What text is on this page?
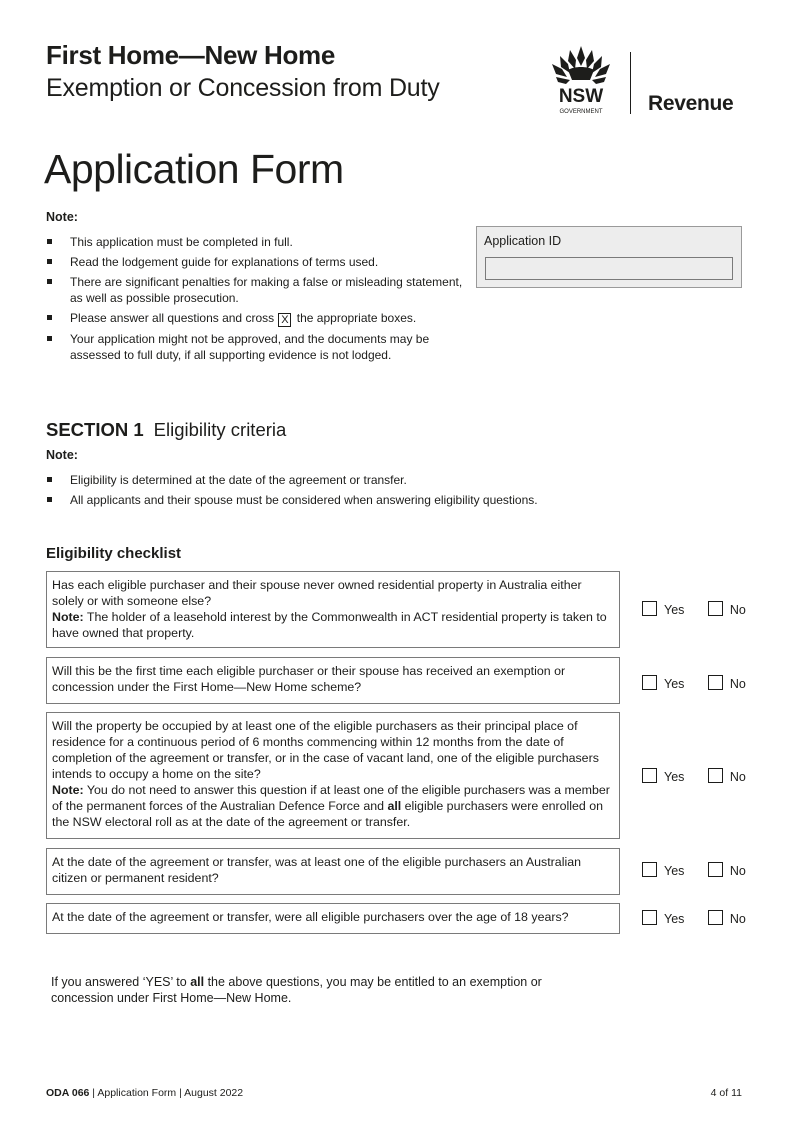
First Home—New Home
Exemption or Concession from Duty	NSW
GOVERNMENT Revenue
Application Form
Note:
This application must be completed in full.
Read the lodgement guide for explanations of terms used.
There are significant penalties for making a false or misleading statement, as well as possible prosecution.
Please answer all questions and cross X the appropriate boxes.
Your application might not be approved, and the documents may be assessed to full duty, if all supporting evidence is not lodged.
Application ID
SECTION 1 Eligibility criteria
Note:
Eligibility is determined at the date of the agreement or transfer.
All applicants and their spouse must be considered when answering eligibility questions.
Eligibility checklist
Has each eligible purchaser and their spouse never owned residential property in Australia either solely or with someone else?
Note: The holder of a leasehold interest by the Commonwealth in ACT residential property is taken to have owned that property.
Yes	No
Will this be the first time each eligible purchaser or their spouse has received an exemption or concession under the First Home—New Home scheme?	Yes	No
Will the property be occupied by at least one of the eligible purchasers as their principal place of residence for a continuous period of 6 months commencing within 12 months from the date of completion of the agreement or transfer, or in the case of vacant land, one of the eligible purchasers intends to occupy a home on the site?
Note: You do not need to answer this question if at least one of the eligible purchasers was a member of the permanent forces of the Australian Defence Force and all eligible purchasers were enrolled on the NSW electoral roll as at the date of the agreement or transfer.
Yes	No
At the date of the agreement or transfer, was at least one of the eligible purchasers an Australian citizen or permanent resident?	Yes	No
At the date of the agreement or transfer, were all eligible purchasers over the age of 18 years?	Yes	No
If you answered ‘YES’ to all the above questions, you may be entitled to an exemption or concession under First Home—New Home.
ODA 066 | Application Form | August 2022	4 of 11
